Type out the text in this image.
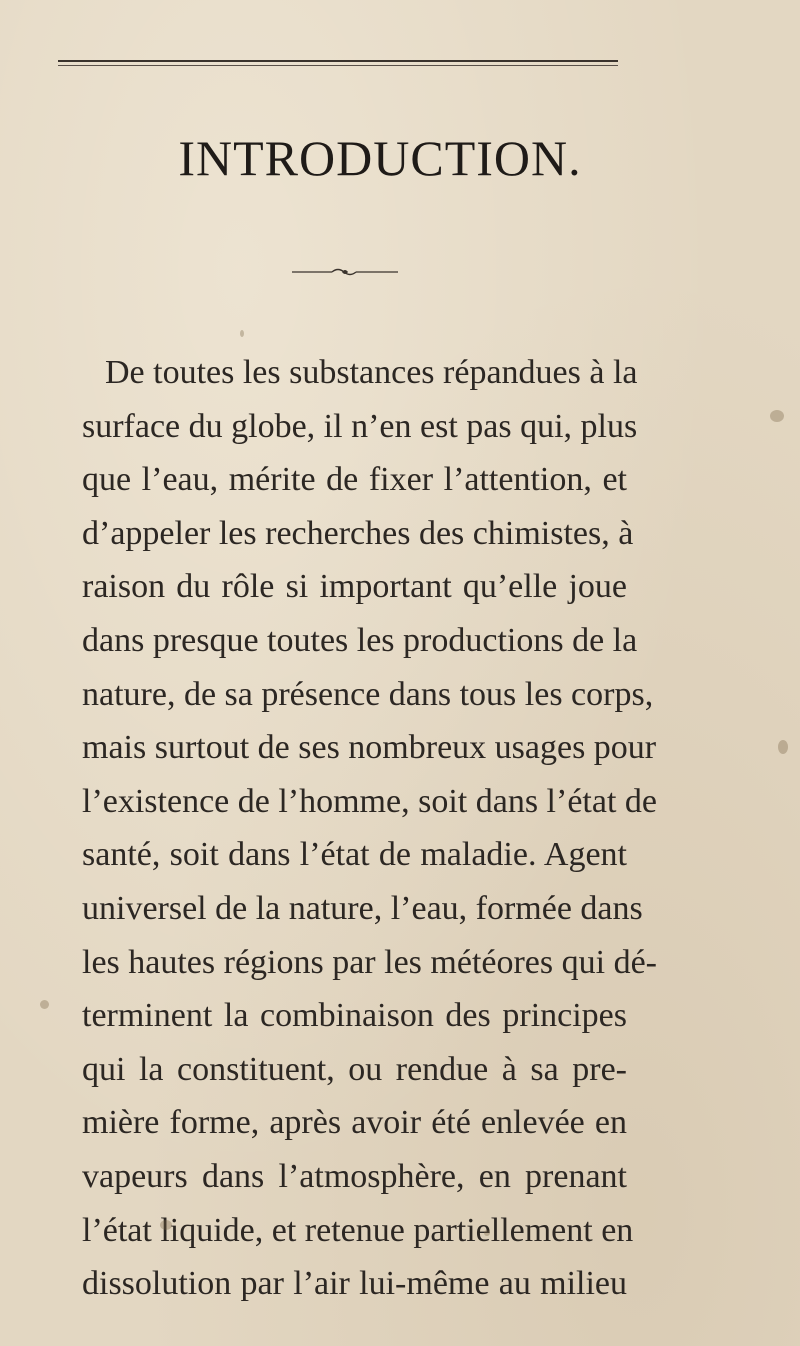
INTRODUCTION.
De toutes les substances répandues à la
surface du globe, il n’en est pas qui, plus
que l’eau, mérite de fixer l’attention, et
d’appeler les recherches des chimistes, à
raison du rôle si important qu’elle joue
dans presque toutes les productions de la
nature, de sa présence dans tous les corps,
mais surtout de ses nombreux usages pour
l’existence de l’homme, soit dans l’état de
santé, soit dans l’état de maladie. Agent
universel de la nature, l’eau, formée dans
les hautes régions par les météores qui dé-
terminent la combinaison des principes
qui la constituent, ou rendue à sa pre-
mière forme, après avoir été enlevée en
vapeurs dans l’atmosphère, en prenant
l’état liquide, et retenue partiellement en
dissolution par l’air lui-même au milieu
